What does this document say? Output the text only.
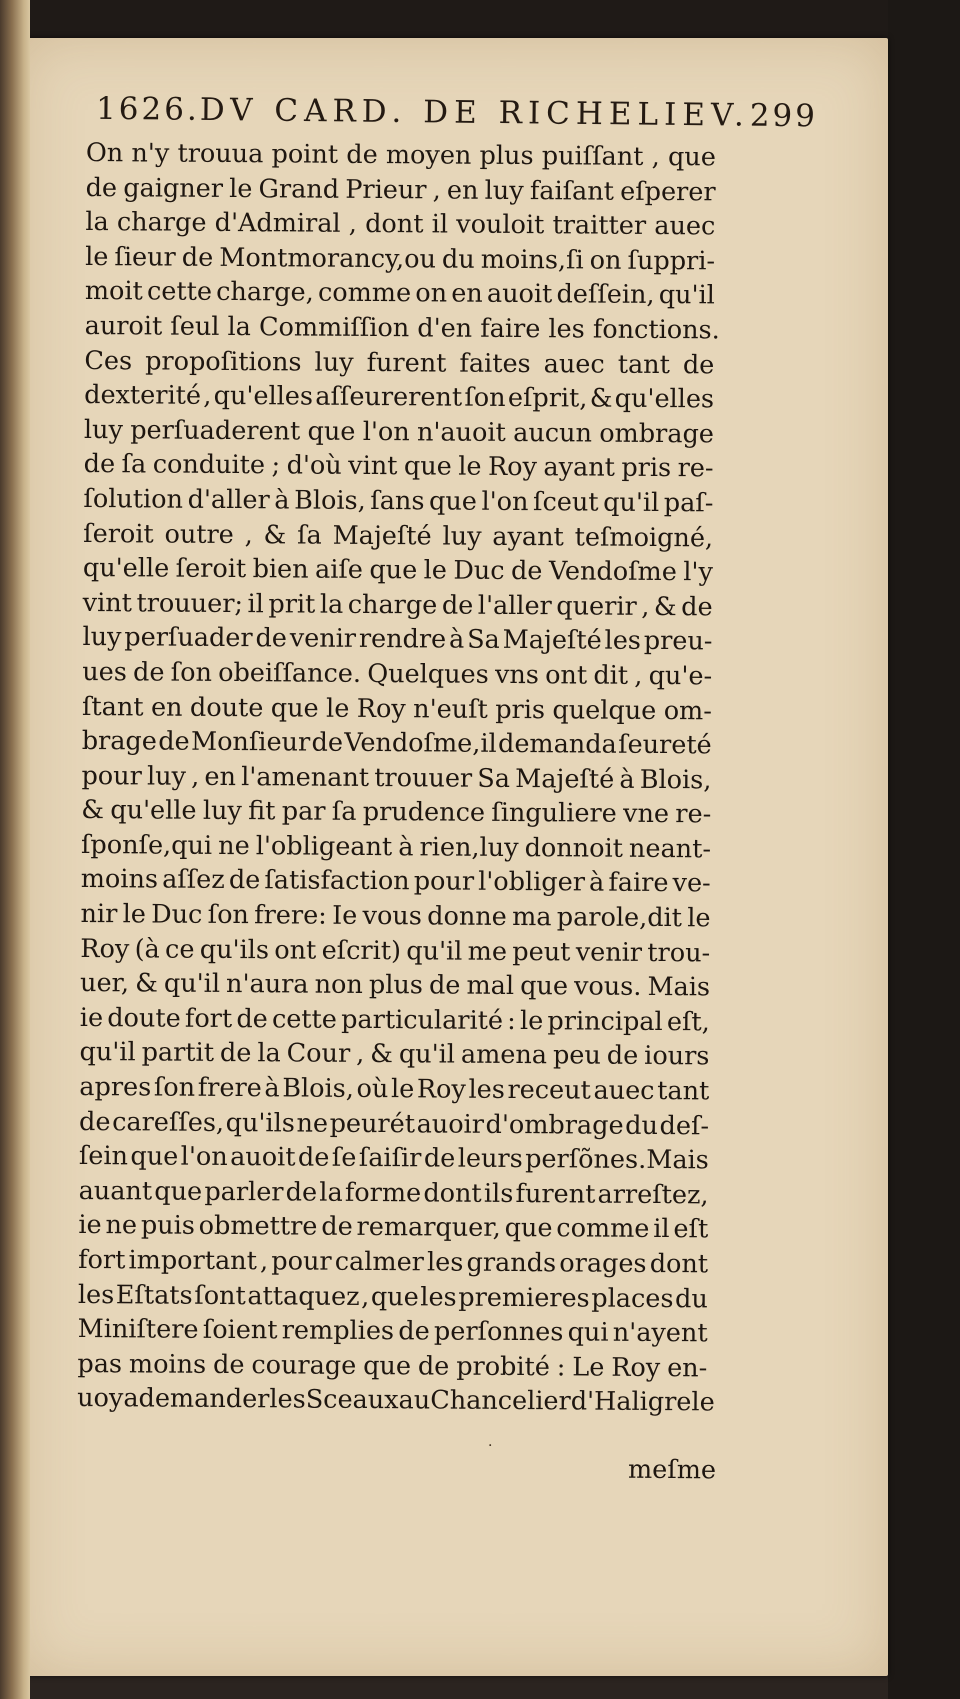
1626. DV CARD. DE RICHELIEV. 299
On n'y trouua point de moyen plus puiſſant , que
de gaigner le Grand Prieur , en luy faiſant eſperer
la charge d'Admiral , dont il vouloit traitter auec
le ſieur de Montmorancy,ou du moins,ſi on ſuppri-
moit cette charge, comme on en auoit deſſein, qu'il
auroit ſeul la Commiſſion d'en faire les fonctions.
Ces propoſitions luy furent faites auec tant de
dexterité , qu'elles aſſeurerent ſon eſprit, & qu'elles
luy perſuaderent que l'on n'auoit aucun ombrage
de ſa conduite ; d'où vint que le Roy ayant pris re-
ſolution d'aller à Blois, ſans que l'on ſceut qu'il paſ-
ſeroit outre , & ſa Majeſté luy ayant teſmoigné,
qu'elle ſeroit bien aiſe que le Duc de Vendoſme l'y
vint trouuer; il prit la charge de l'aller querir , & de
luy perſuader de venir rendre à Sa Majeſté les preu-
ues de ſon obeiſſance. Quelques vns ont dit , qu'e-
ſtant en doute que le Roy n'euſt pris quelque om-
brage de Monſieur de Vendoſme,il demanda ſeureté
pour luy , en l'amenant trouuer Sa Majeſté à Blois,
& qu'elle luy fit par ſa prudence ſinguliere vne re-
ſponſe,qui ne l'obligeant à rien,luy donnoit neant-
moins aſſez de ſatisfaction pour l'obliger à faire ve-
nir le Duc ſon frere: Ie vous donne ma parole,dit le
Roy (à ce qu'ils ont eſcrit) qu'il me peut venir trou-
uer, & qu'il n'aura non plus de mal que vous. Mais
ie doute fort de cette particularité : le principal eſt,
qu'il partit de la Cour , & qu'il amena peu de iours
apres ſon frere à Blois, où le Roy les receut auec tant
de careſſes, qu'ils ne peurét auoir d'ombrage du deſ-
ſein que l'on auoit de ſe ſaiſir de leurs perſõnes.Mais
auant que parler de la forme dont ils furent arreſtez,
ie ne puis obmettre de remarquer, que comme il eſt
fort important , pour calmer les grands orages dont
les Eſtats ſont attaquez , que les premieres places du
Miniſtere ſoient remplies de perſonnes qui n'ayent
pas moins de courage que de probité : Le Roy en-
uoya demander les Sceaux au Chancelier d'Haligre le
·
meſme
